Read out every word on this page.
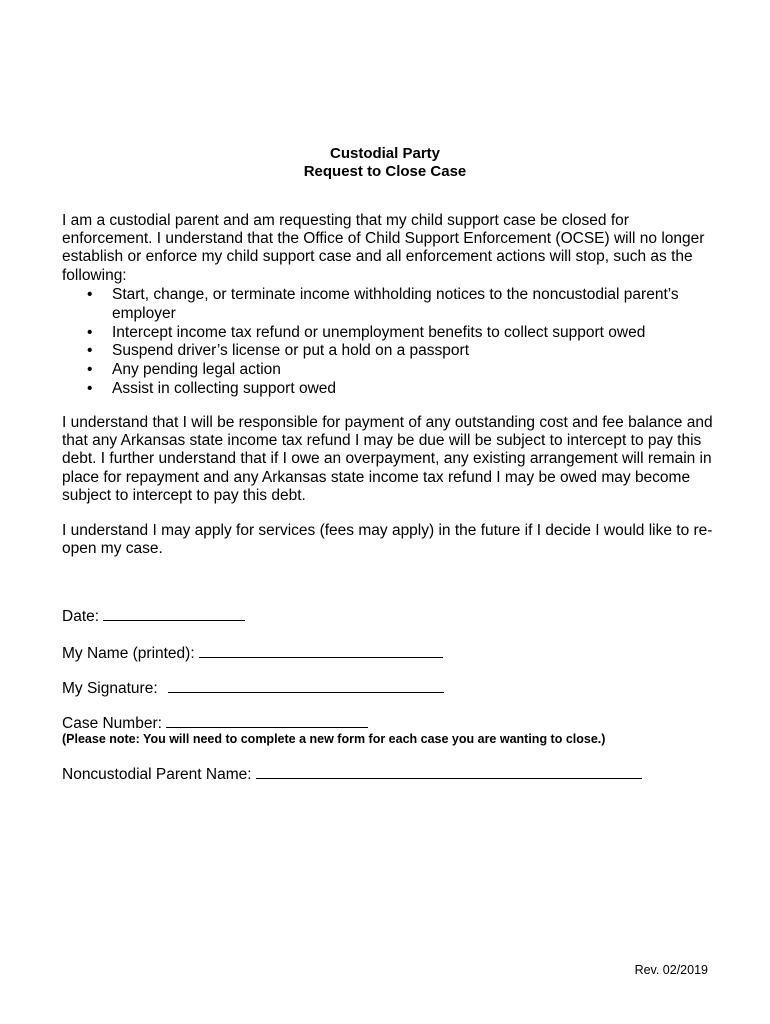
Custodial Party
Request to Close Case

I am a custodial parent and am requesting that my child support case be closed for enforcement. I understand that the Office of Child Support Enforcement (OCSE) will no longer establish or enforce my child support case and all enforcement actions will stop, such as the following:

• Start, change, or terminate income withholding notices to the noncustodial parent’s employer
• Intercept income tax refund or unemployment benefits to collect support owed
• Suspend driver’s license or put a hold on a passport
• Any pending legal action
• Assist in collecting support owed

I understand that I will be responsible for payment of any outstanding cost and fee balance and that any Arkansas state income tax refund I may be due will be subject to intercept to pay this debt. I further understand that if I owe an overpayment, any existing arrangement will remain in place for repayment and any Arkansas state income tax refund I may be owed may become subject to intercept to pay this debt.

I understand I may apply for services (fees may apply) in the future if I decide I would like to re-open my case.

Date:
My Name (printed):
My Signature:
Case Number:
(Please note: You will need to complete a new form for each case you are wanting to close.)
Noncustodial Parent Name:
Rev. 02/2019
